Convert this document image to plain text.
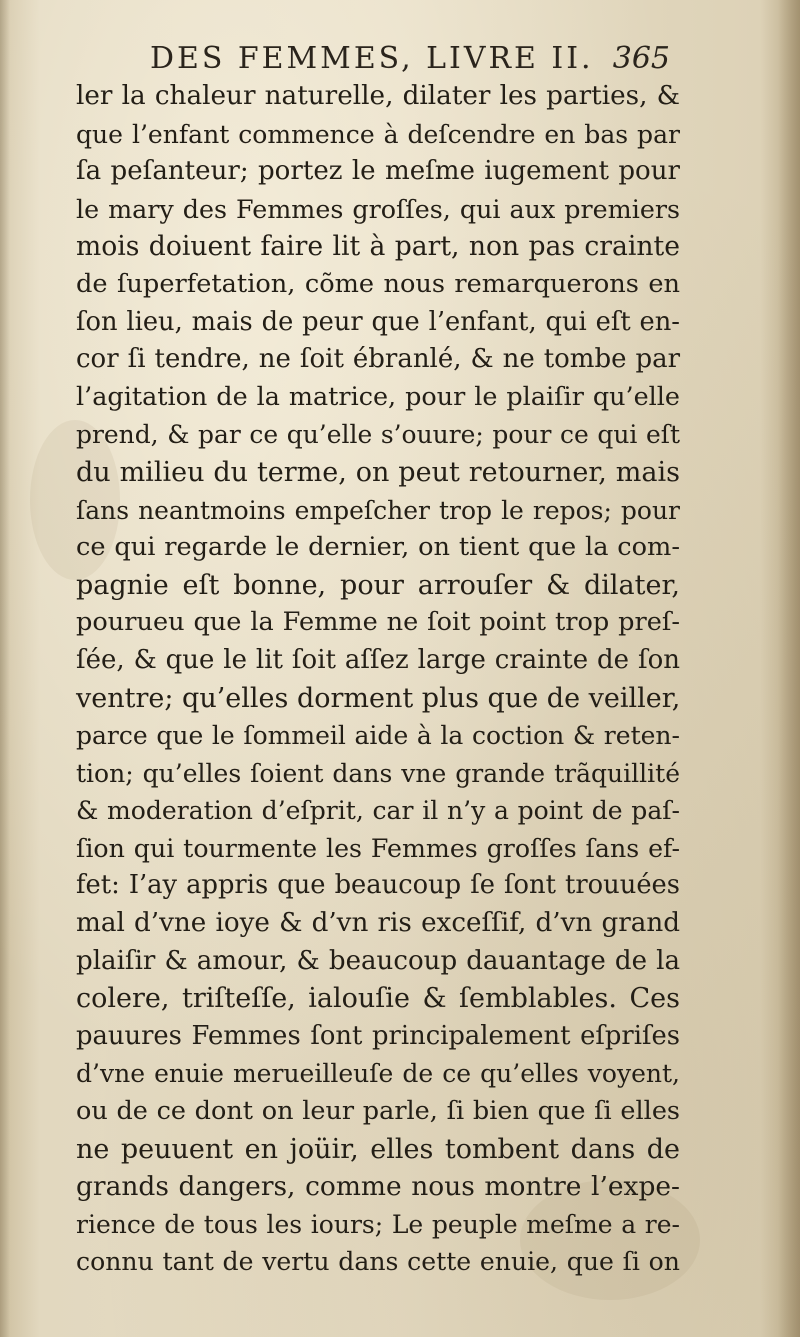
DES FEMMES, LIVRE II. 365
ler la chaleur naturelle, dilater les parties, &
que l’enfant commence à deſcendre en bas par
ſa peſanteur; portez le meſme iugement pour
le mary des Femmes groſſes, qui aux premiers
mois doiuent faire lit à part, non pas crainte
de ſuperfetation, cõme nous remarquerons en
ſon lieu, mais de peur que l’enfant, qui eſt en-
cor ſi tendre, ne ſoit ébranlé, & ne tombe par
l’agitation de la matrice, pour le plaiſir qu’elle
prend, & par ce qu’elle s’ouure; pour ce qui eſt
du milieu du terme, on peut retourner, mais
ſans neantmoins empeſcher trop le repos; pour
ce qui regarde le dernier, on tient que la com-
pagnie eſt bonne, pour arrouſer & dilater,
pourueu que la Femme ne ſoit point trop preſ-
ſée, & que le lit ſoit aſſez large crainte de ſon
ventre; qu’elles dorment plus que de veiller,
parce que le ſommeil aide à la coction & reten-
tion; qu’elles ſoient dans vne grande trãquillité
& moderation d’eſprit, car il n’y a point de paſ-
ſion qui tourmente les Femmes groſſes ſans ef-
fet: I’ay appris que beaucoup ſe ſont trouuées
mal d’vne ioye & d’vn ris exceſſif, d’vn grand
plaiſir & amour, & beaucoup dauantage de la
colere, triſteſſe, ialouſie & ſemblables. Ces
pauures Femmes ſont principalement eſpriſes
d’vne enuie merueilleuſe de ce qu’elles voyent,
ou de ce dont on leur parle, ſi bien que ſi elles
ne peuuent en joüir, elles tombent dans de
grands dangers, comme nous montre l’expe-
rience de tous les iours; Le peuple meſme a re-
connu tant de vertu dans cette enuie, que ſi on
